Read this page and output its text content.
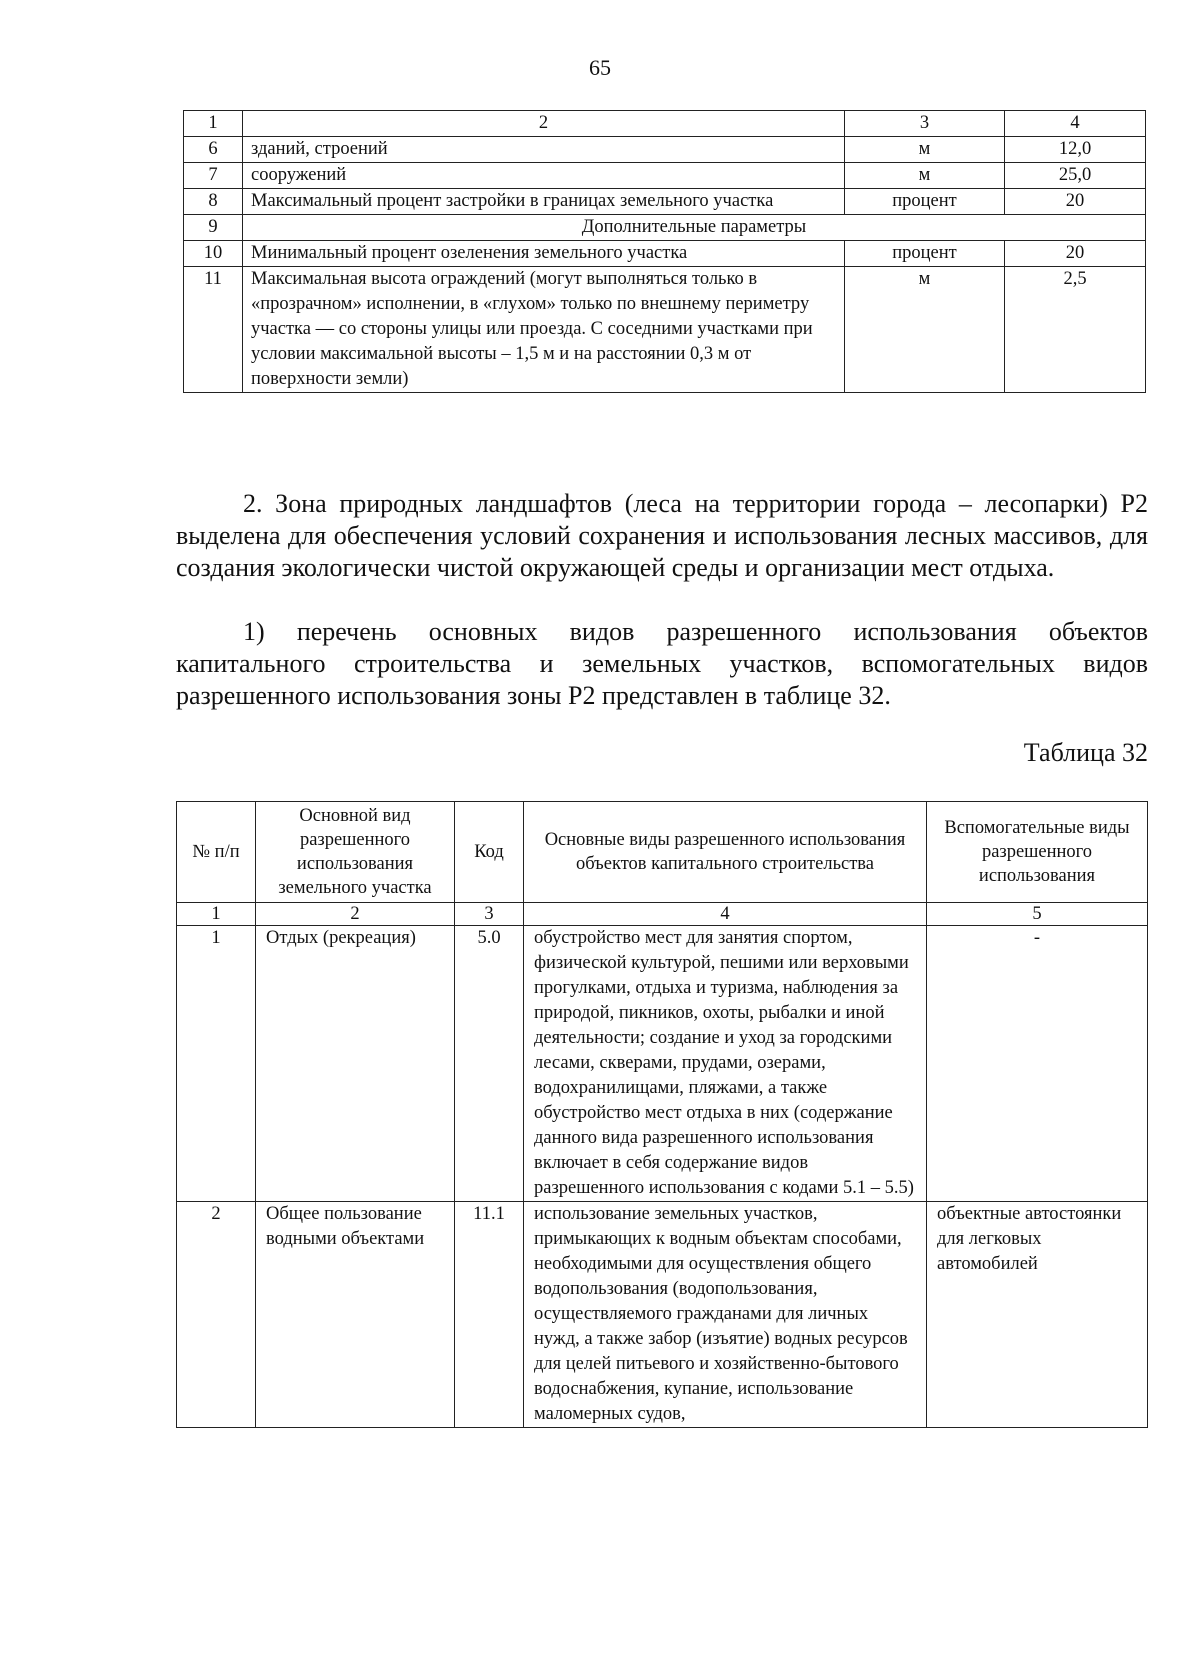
65
1	2	3	4
6	зданий, строений	м	12,0
7	сооружений	м	25,0
8	Максимальный процент застройки в границах земельного участка	процент	20
9	Дополнительные параметры		
10	Минимальный процент озеленения земельного участка	процент	20
11	Максимальная высота ограждений (могут выполняться только в «прозрачном» исполнении, в «глухом» только по внешнему периметру участка — со стороны улицы или проезда. С соседними участками при условии максимальной высоты – 1,5 м и на расстоянии 0,3 м от поверхности земли)	м	2,5

2. Зона природных ландшафтов (леса на территории города – лесопарки) Р2 выделена для обеспечения условий сохранения и использования лесных массивов, для создания экологически чистой окружающей среды и организации мест отдыха.

1) перечень основных видов разрешенного использования объектов капитального строительства и земельных участков, вспомогательных видов разрешенного использования зоны Р2 представлен в таблице 32.

Таблица 32
№ п/п	Основной вид разрешенного использования земельного участка	Код	Основные виды разрешенного использования объектов капитального строительства	Вспомогательные виды разрешенного использования
1	2	3	4	5
1	Отдых (рекреация)	5.0	обустройство мест для занятия спортом, физической культурой, пешими или верховыми прогулками, отдыха и туризма, наблюдения за природой, пикников, охоты, рыбалки и иной деятельности; создание и уход за городскими лесами, скверами, прудами, озерами, водохранилищами, пляжами, а также обустройство мест отдыха в них (содержание данного вида разрешенного использования включает в себя содержание видов разрешенного использования с кодами 5.1 – 5.5)	-
2	Общее пользование водными объектами	11.1	использование земельных участков, примыкающих к водным объектам способами, необходимыми для осуществления общего водопользования (водопользования, осуществляемого гражданами для личных нужд, а также забор (изъятие) водных ресурсов для целей питьевого и хозяйственно-бытового водоснабжения, купание, использование маломерных судов,	объектные автостоянки для легковых автомобилей
